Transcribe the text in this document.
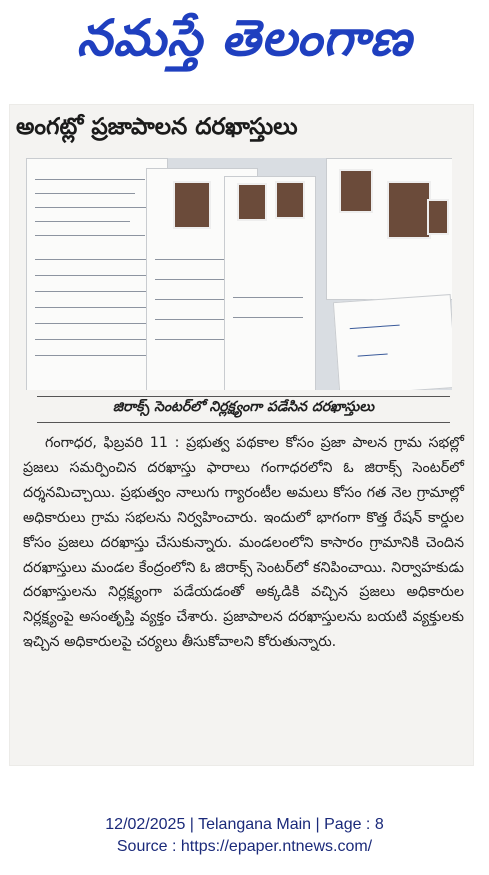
నమస్తే తెలంగాణ
అంగట్లో ప్రజాపాలన దరఖాస్తులు
జిరాక్స్ సెంటర్‌లో నిర్లక్ష్యంగా పడేసిన దరఖాస్తులు

గంగాధర, ఫిబ్రవరి 11 : ప్రభుత్వ పథకాల కోసం ప్రజా పాలన గ్రామ సభల్లో ప్రజలు సమర్పించిన దరఖాస్తు ఫారాలు గంగాధరలోని ఓ జిరాక్స్ సెంటర్‌లో దర్శనమిచ్చాయి. ప్రభుత్వం నాలుగు గ్యారంటీల అమలు కోసం గత నెల గ్రామాల్లో అధికారులు గ్రామ సభలను నిర్వహించారు. ఇందులో భాగంగా కొత్త రేషన్ కార్డుల కోసం ప్రజలు దరఖాస్తు చేసుకున్నారు. మండలంలోని కాసారం గ్రామానికి చెందిన దరఖాస్తులు మండల కేంద్రంలోని ఓ జిరాక్స్ సెంటర్‌లో కనిపించాయి. నిర్వాహకుడు దరఖాస్తులను నిర్లక్ష్యంగా పడేయడంతో అక్కడికి వచ్చిన ప్రజలు అధికారుల నిర్లక్ష్యంపై అసంతృప్తి వ్యక్తం చేశారు. ప్రజాపాలన దరఖాస్తులను బయటి వ్యక్తులకు ఇచ్చిన అధికారులపై చర్యలు తీసుకోవాలని కోరుతున్నారు.

12/02/2025 | Telangana Main | Page : 8
Source : https://epaper.ntnews.com/
